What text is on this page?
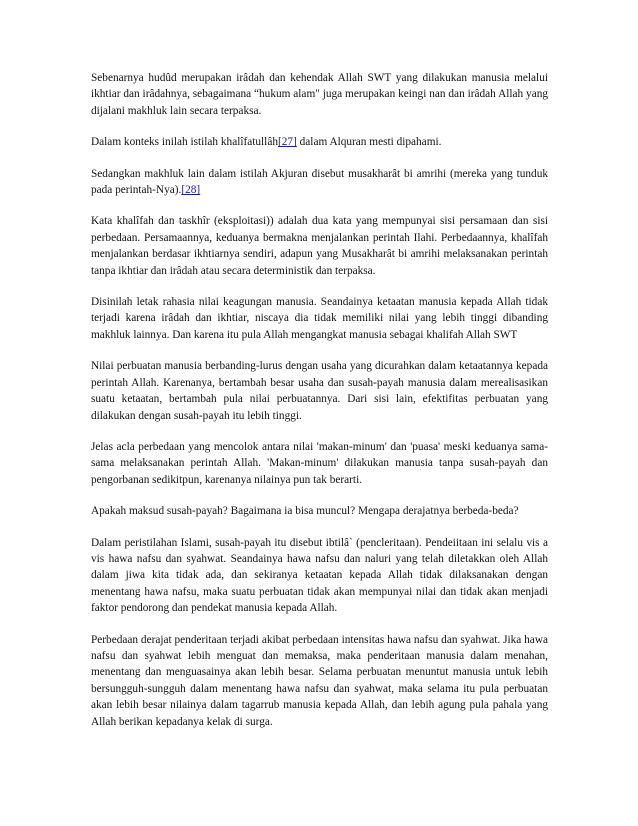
Sebenarnya hudûd merupakan irâdah dan kehendak Allah SWT yang dilakukan manusia melalui ikhtiar dan irâdahnya, sebagaimana “hukum alam" juga merupakan keingi nan dan irâdah Allah yang dijalani makhluk lain secara terpaksa.

Dalam konteks inilah istilah khalîfatullâh[27] dalam Alquran mesti dipahami.

Sedangkan makhluk lain dalam istilah Akjuran disebut musakharât bi amrihi (mereka yang tunduk pada perintah-Nya).[28]

Kata khalîfah dan taskhîr (eksploitasi)) adalah dua kata yang mempunyai sisi persamaan dan sisi perbedaan. Persamaannya, keduanya bermakna menjalankan perintah Ilahi. Perbedaannya, khalîfah menjalankan berdasar ikhtiarnya sendiri, adapun yang Musakharât bi amrihi melaksanakan perintah tanpa ikhtiar dan irâdah atau secara deterministik dan terpaksa.

Disinilah letak rahasia nilai keagungan manusia. Seandainya ketaatan manusia kepada Allah tidak terjadi karena irâdah dan ikhtiar, niscaya dia tidak memiliki nilai yang lebih tinggi dibanding makhluk lainnya. Dan karena itu pula Allah mengangkat manusia sebagai khalifah Allah SWT

Nilai perbuatan manusia berbanding-lurus dengan usaha yang dicurahkan dalam ketaatannya kepada perintah Allah. Karenanya, bertambah besar usaha dan susah-payah manusia dalam merealisasikan suatu ketaatan, bertambah pula nilai perbuatannya. Dari sisi lain, efektifitas perbuatan yang dilakukan dengan susah-payah itu lebih tinggi.

Jelas acla perbedaan yang mencolok antara nilai 'makan-minum' dan 'puasa' meski keduanya sama-sama melaksanakan perintah Allah. 'Makan-minum' dilakukan manusia tanpa susah-payah dan pengorbanan sedikitpun, karenanya nilainya pun tak berarti.

Apakah maksud susah-payah? Bagaimana ia bisa muncul? Mengapa derajatnya berbeda-beda?

Dalam peristilahan Islami, susah-payah itu disebut ibtilâ` (pencleritaan). Pendeiitaan ini selalu vis a vis hawa nafsu dan syahwat. Seandainya hawa nafsu dan naluri yang telah diletakkan oleh Allah dalam jiwa kita tidak ada, dan sekiranya ketaatan kepada Allah tidak dilaksanakan dengan menentang hawa nafsu, maka suatu perbuatan tidak akan mempunyai nilai dan tidak akan menjadi faktor pendorong dan pendekat manusia kepada Allah.

Perbedaan derajat penderitaan terjadi akibat perbedaan intensitas hawa nafsu dan syahwat. Jika hawa nafsu dan syahwat lebih menguat dan memaksa, maka penderitaan manusia dalam menahan, menentang dan menguasainya akan lebih besar. Selama perbuatan menuntut manusia untuk lebih bersungguh-sungguh dalam menentang hawa nafsu dan syahwat, maka selama itu pula perbuatan akan lebih besar nilainya dalam tagarrub manusia kepada Allah, dan lebih agung pula pahala yang Allah berikan kepadanya kelak di surga.
